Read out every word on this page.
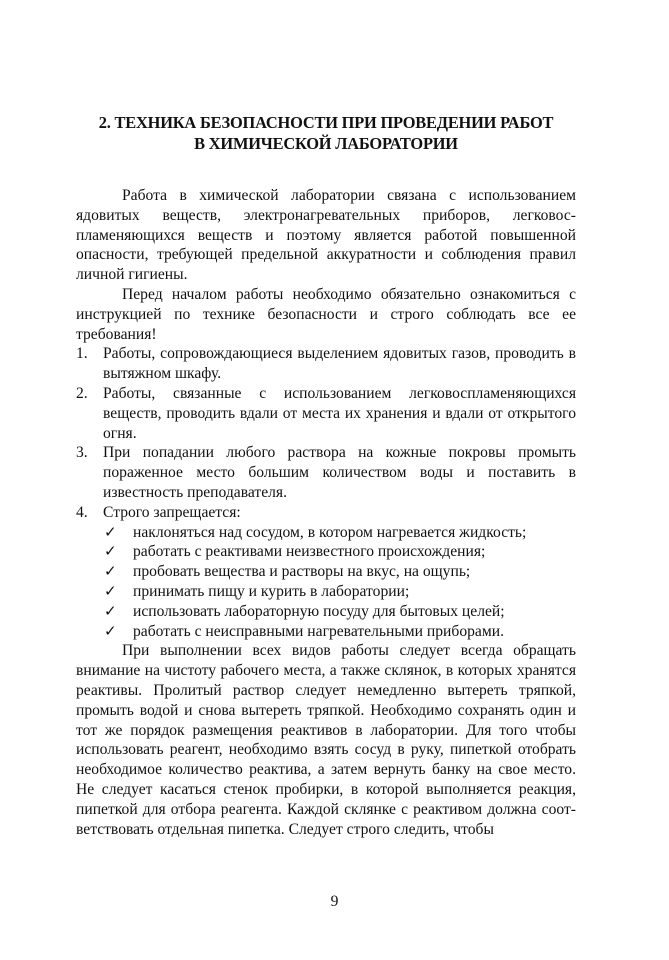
2. ТЕХНИКА БЕЗОПАСНОСТИ ПРИ ПРОВЕДЕНИИ РАБОТ
В ХИМИЧЕСКОЙ ЛАБОРАТОРИИ

Работа в химической лаборатории связана с использованием ядовитых веществ, электронагревательных приборов, легковоспламеняющихся веществ и поэтому является работой повышенной опасности, требующей предельной аккуратности и соблюдения правил личной гигиены.

Перед началом работы необходимо обязательно ознакомиться с инструкцией по технике безопасности и строго соблюдать все ее требования!

1. Работы, сопровождающиеся выделением ядовитых газов, проводить в вытяжном шкафу.
2. Работы, связанные с использованием легковоспламеняющихся веществ, проводить вдали от места их хранения и вдали от открытого огня.
3. При попадании любого раствора на кожные покровы промыть пораженное место большим количеством воды и поставить в известность преподавателя.
4. Строго запрещается:
✓ наклоняться над сосудом, в котором нагревается жидкость;
✓ работать с реактивами неизвестного происхождения;
✓ пробовать вещества и растворы на вкус, на ощупь;
✓ принимать пищу и курить в лаборатории;
✓ использовать лабораторную посуду для бытовых целей;
✓ работать с неисправными нагревательными приборами.

При выполнении всех видов работы следует всегда обращать внимание на чистоту рабочего места, а также склянок, в которых хранятся реактивы. Пролитый раствор следует немедленно вытереть тряпкой, промыть водой и снова вытереть тряпкой. Необходимо сохранять один и тот же порядок размещения реактивов в лаборатории. Для того чтобы использовать реагент, необходимо взять сосуд в руку, пипеткой отобрать необходимое количество реактива, а затем вернуть банку на свое место. Не следует касаться стенок пробирки, в которой выполняется реакция, пипеткой для отбора реагента. Каждой склянке с реактивом должна соответствовать отдельная пипетка. Следует строго следить, чтобы

9
